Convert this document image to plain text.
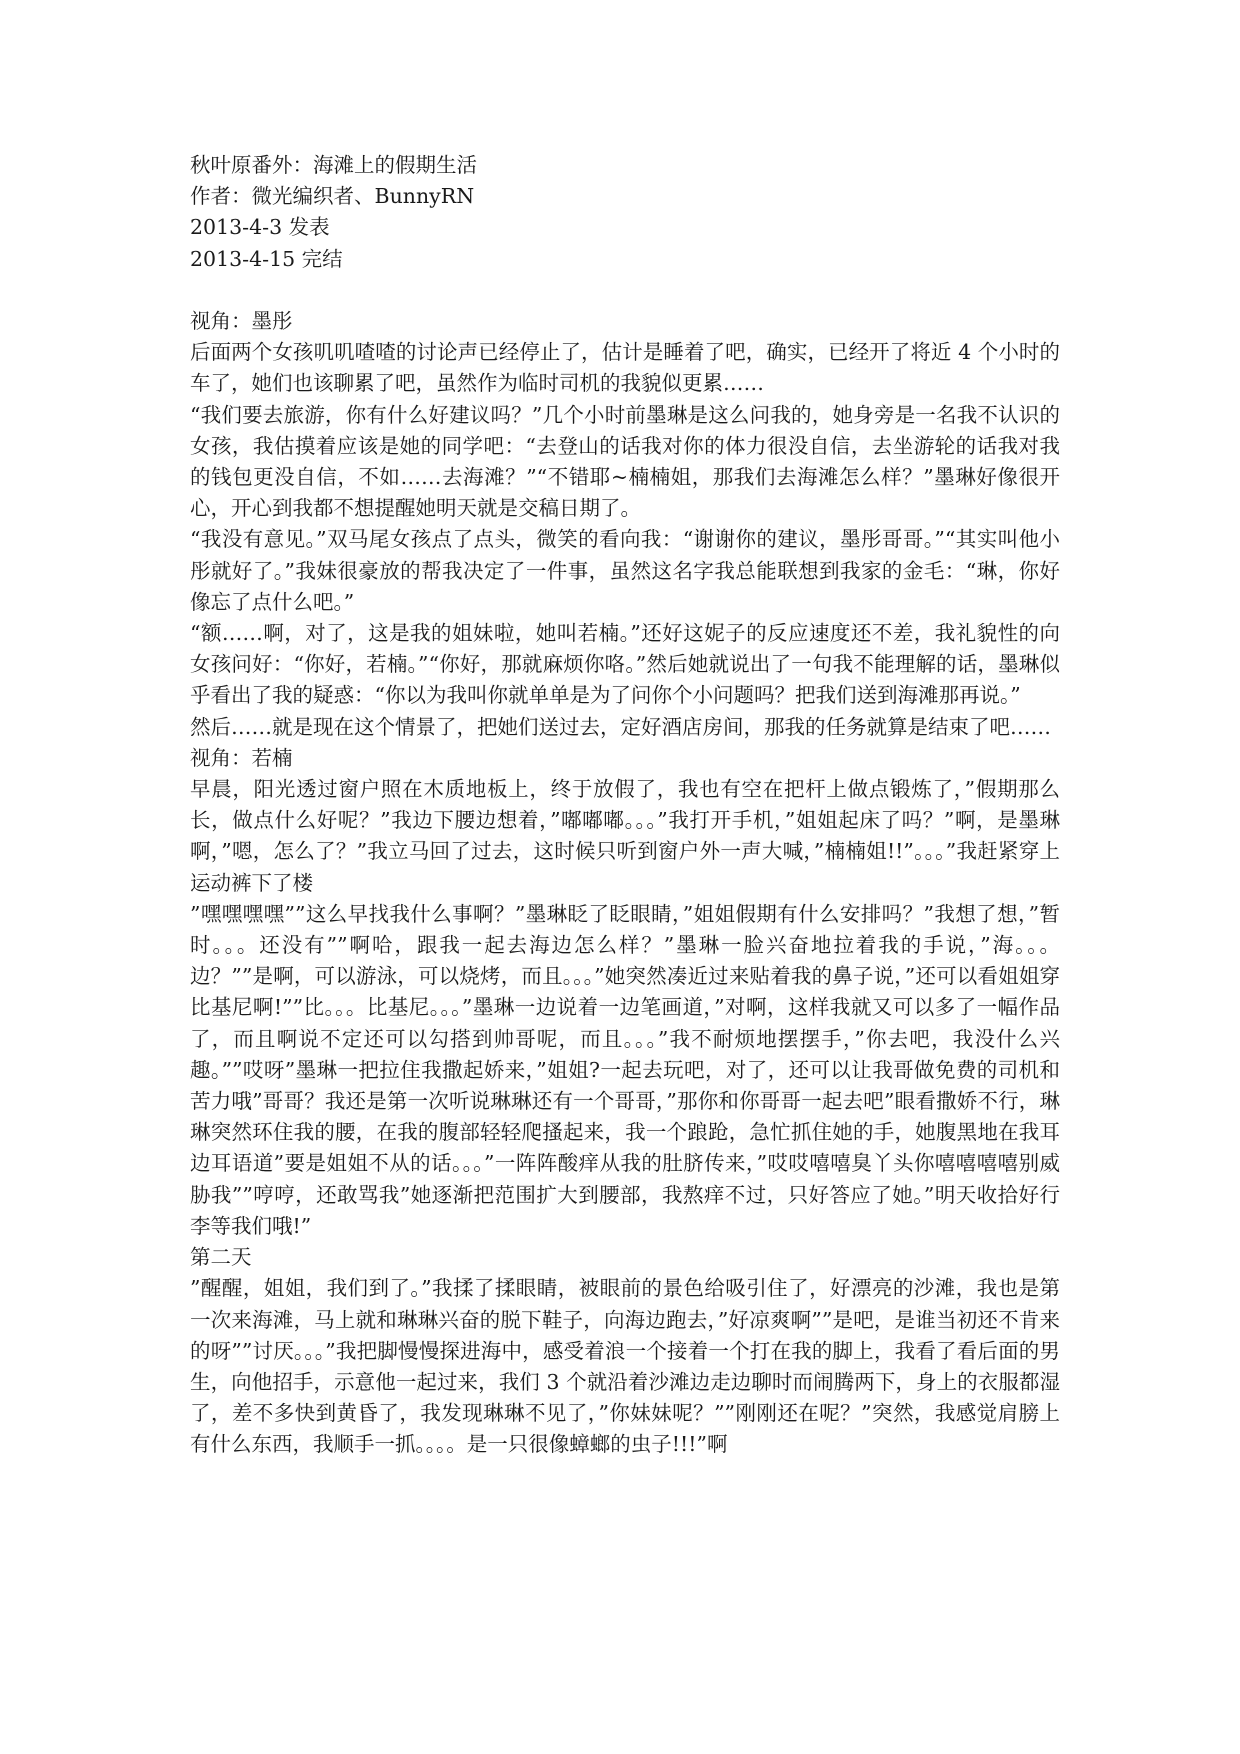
秋叶原番外：海滩上的假期生活
作者：微光编织者、BunnyRN
2013-4-3 发表
2013-4-15 完结

视角：墨彤

后面两个女孩叽叽喳喳的讨论声已经停止了，估计是睡着了吧，确实，已经开了将近 4 个小时的车了，她们也该聊累了吧，虽然作为临时司机的我貌似更累……

“我们要去旅游，你有什么好建议吗？”几个小时前墨琳是这么问我的，她身旁是一名我不认识的女孩，我估摸着应该是她的同学吧：“去登山的话我对你的体力很没自信，去坐游轮的话我对我的钱包更没自信，不如……去海滩？”“不错耶~楠楠姐，那我们去海滩怎么样？”墨琳好像很开心，开心到我都不想提醒她明天就是交稿日期了。

“我没有意见。”双马尾女孩点了点头，微笑的看向我：“谢谢你的建议，墨彤哥哥。”“其实叫他小彤就好了。”我妹很豪放的帮我决定了一件事，虽然这名字我总能联想到我家的金毛：“琳，你好像忘了点什么吧。”

“额……啊，对了，这是我的姐妹啦，她叫若楠。”还好这妮子的反应速度还不差，我礼貌性的向女孩问好：“你好，若楠。”“你好，那就麻烦你咯。”然后她就说出了一句我不能理解的话，墨琳似乎看出了我的疑惑：“你以为我叫你就单单是为了问你个小问题吗？把我们送到海滩那再说。”

然后……就是现在这个情景了，把她们送过去，定好酒店房间，那我的任务就算是结束了吧……

视角：若楠

早晨，阳光透过窗户照在木质地板上，终于放假了，我也有空在把杆上做点锻炼了，”假期那么长，做点什么好呢？”我边下腰边想着，”嘟嘟嘟。。。”我打开手机，”姐姐起床了吗？”啊，是墨琳啊，”嗯，怎么了？”我立马回了过去，这时候只听到窗户外一声大喊，”楠楠姐!!”。。。”我赶紧穿上运动裤下了楼

”嘿嘿嘿嘿””这么早找我什么事啊？”墨琳眨了眨眼睛，”姐姐假期有什么安排吗？”我想了想，”暂时。。。还没有””啊哈，跟我一起去海边怎么样？”墨琳一脸兴奋地拉着我的手说，”海。。。边？””是啊，可以游泳，可以烧烤，而且。。。”她突然凑近过来贴着我的鼻子说，”还可以看姐姐穿比基尼啊!””比。。。比基尼。。。”墨琳一边说着一边笔画道，”对啊，这样我就又可以多了一幅作品了，而且啊说不定还可以勾搭到帅哥呢，而且。。。”我不耐烦地摆摆手，”你去吧，我没什么兴趣。””哎呀”墨琳一把拉住我撒起娇来，”姐姐?一起去玩吧，对了，还可以让我哥做免费的司机和苦力哦”哥哥？我还是第一次听说琳琳还有一个哥哥，”那你和你哥哥一起去吧”眼看撒娇不行，琳琳突然环住我的腰，在我的腹部轻轻爬搔起来，我一个踉跄，急忙抓住她的手，她腹黑地在我耳边耳语道”要是姐姐不从的话。。。”一阵阵酸痒从我的肚脐传来，”哎哎嘻嘻臭丫头你嘻嘻嘻嘻别威胁我””哼哼，还敢骂我”她逐渐把范围扩大到腰部，我熬痒不过，只好答应了她。”明天收拾好行李等我们哦!”

第二天

”醒醒，姐姐，我们到了。”我揉了揉眼睛，被眼前的景色给吸引住了，好漂亮的沙滩，我也是第一次来海滩，马上就和琳琳兴奋的脱下鞋子，向海边跑去，”好凉爽啊””是吧，是谁当初还不肯来的呀””讨厌。。。”我把脚慢慢探进海中，感受着浪一个接着一个打在我的脚上，我看了看后面的男生，向他招手，示意他一起过来，我们 3 个就沿着沙滩边走边聊时而闹腾两下，身上的衣服都湿了，差不多快到黄昏了，我发现琳琳不见了，”你妹妹呢？””刚刚还在呢？”突然，我感觉肩膀上有什么东西，我顺手一抓。。。。是一只很像蟑螂的虫子!!!”啊
